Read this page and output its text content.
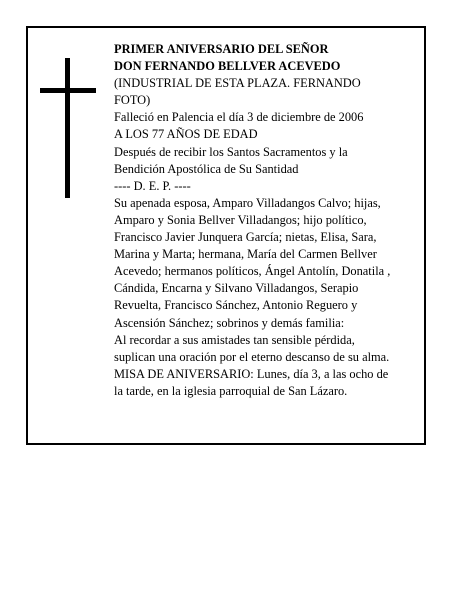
PRIMER ANIVERSARIO DEL SEÑOR
DON FERNANDO BELLVER ACEVEDO
(INDUSTRIAL DE ESTA PLAZA. FERNANDO
FOTO)
Falleció en Palencia el día 3 de diciembre de 2006
A LOS 77 AÑOS DE EDAD
Después de recibir los Santos Sacramentos y la
Bendición Apostólica de Su Santidad
---- D. E. P. ----
Su apenada esposa, Amparo Villadangos Calvo; hijas,
Amparo y Sonia Bellver Villadangos; hijo político,
Francisco Javier Junquera García; nietas, Elisa, Sara,
Marina y Marta; hermana, María del Carmen Bellver
Acevedo; hermanos políticos, Ángel Antolín, Donatila ,
Cándida, Encarna y Silvano Villadangos, Serapio
Revuelta, Francisco Sánchez, Antonio Reguero y
Ascensión Sánchez; sobrinos y demás familia:
Al recordar a sus amistades tan sensible pérdida,
suplican una oración por el eterno descanso de su alma.
MISA DE ANIVERSARIO: Lunes, día 3, a las ocho de
la tarde, en la iglesia parroquial de San Lázaro.
